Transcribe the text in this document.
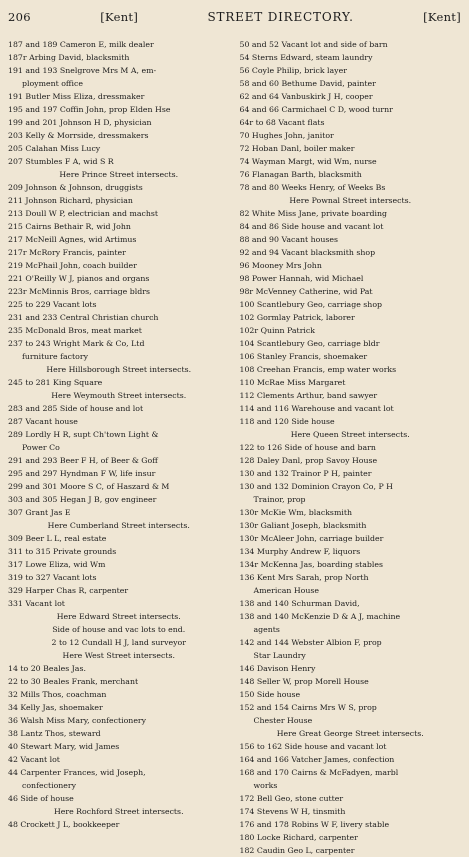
206	[Kent]	STREET DIRECTORY.	[Kent]
187 and 189 Cameron E, milk dealer
187r Arbing David, blacksmith
191 and 193 Snelgrove Mrs M A, em-
ployment office
191 Butler Miss Eliza, dressmaker
195 and 197 Coffin John, prop Elden Hse
199 and 201 Johnson H D, physician
203 Kelly & Morrside, dressmakers
205 Calahan Miss Lucy
207 Stumbles F A, wid S R
Here Prince Street intersects.
209 Johnson & Johnson, druggists
211 Johnson Richard, physician
213 Doull W P, electrician and machst
215 Cairns Bethair R, wid John
217 McNeill Agnes, wid Artimus
217r McRory Francis, painter
219 McPhail John, coach builder
221 O'Reilly W J, pianos and organs
223r McMinnis Bros, carriage bldrs
225 to 229 Vacant lots
231 and 233 Central Christian church
235 McDonald Bros, meat market
237 to 243 Wright Mark & Co, Ltd
furniture factory
Here Hillsborough Street intersects.
245 to 281 King Square
Here Weymouth Street intersects.
283 and 285 Side of house and lot
287 Vacant house
289 Lordly H R, supt Ch'town Light &
Power Co
291 and 293 Beer F H, of Beer & Goff
295 and 297 Hyndman F W, life insur
299 and 301 Moore S C, of Haszard & M
303 and 305 Hegan J B, gov engineer
307 Grant Jas E
Here Cumberland Street intersects.
309 Beer L L, real estate
311 to 315 Private grounds
317 Lowe Eliza, wid Wm
319 to 327 Vacant lots
329 Harper Chas R, carpenter
331 Vacant lot
Here Edward Street intersects.
Side of house and vac lots to end.
2 to 12 Cundall H J, land surveyor
Here West Street intersects.
14 to 20 Beales Jas.
22 to 30 Beales Frank, merchant
32 Mills Thos, coachman
34 Kelly Jas, shoemaker
36 Walsh Miss Mary, confectionery
38 Lantz Thos, steward
40 Stewart Mary, wid James
42 Vacant lot
44 Carpenter Frances, wid Joseph,
confectionery
46 Side of house
Here Rochford Street intersects.
48 Crockett J L, bookkeeper
50 and 52 Vacant lot and side of barn
54 Sterns Edward, steam laundry
56 Coyle Philip, brick layer
58 and 60 Bethume David, painter
62 and 64 Vanbuskirk J H, cooper
64 and 66 Carmichael C D, wood turnr
64r to 68 Vacant flats
70 Hughes John, janitor
72 Hoban Danl, boiler maker
74 Wayman Margt, wid Wm, nurse
76 Flanagan Barth, blacksmith
78 and 80 Weeks Henry, of Weeks Bs
Here Pownal Street intersects.
82 White Miss Jane, private boarding
84 and 86 Side house and vacant lot
88 and 90 Vacant houses
92 and 94 Vacant blacksmith shop
96 Mooney Mrs John
98 Power Hannah, wid Michael
98r McVenney Catherine, wid Pat
100 Scantlebury Geo, carriage shop
102 Gormlay Patrick, laborer
102r Quinn Patrick
104 Scantlebury Geo, carriage bldr
106 Stanley Francis, shoemaker
108 Creehan Francis, emp water works
110 McRae Miss Margaret
112 Clements Arthur, band sawyer
114 and 116 Warehouse and vacant lot
118 and 120 Side house
Here Queen Street intersects.
122 to 126 Side of house and barn
128 Daley Danl, prop Savoy House
130 and 132 Trainor P H, painter
130 and 132 Dominion Crayon Co, P H
Trainor, prop
130r McKie Wm, blacksmith
130r Galiant Joseph, blacksmith
130r McAleer John, carriage builder
134 Murphy Andrew F, liquors
134r McKenna Jas, boarding stables
136 Kent Mrs Sarah, prop North
American House
138 and 140 Schurman David,
138 and 140 McKenzie D & A J, machine
agents
142 and 144 Webster Albion F, prop
Star Laundry
146 Davison Henry
148 Seller W, prop Morell House
150 Side house
152 and 154 Cairns Mrs W S, prop
Chester House
Here Great George Street intersects.
156 to 162 Side house and vacant lot
164 and 166 Vatcher James, confection
168 and 170 Cairns & McFadyen, marbl
works
172 Bell Geo, stone cutter
174 Stevens W H, tinsmith
176 and 178 Robins W F, livery stable
180 Locke Richard, carpenter
182 Caudin Geo L, carpenter
